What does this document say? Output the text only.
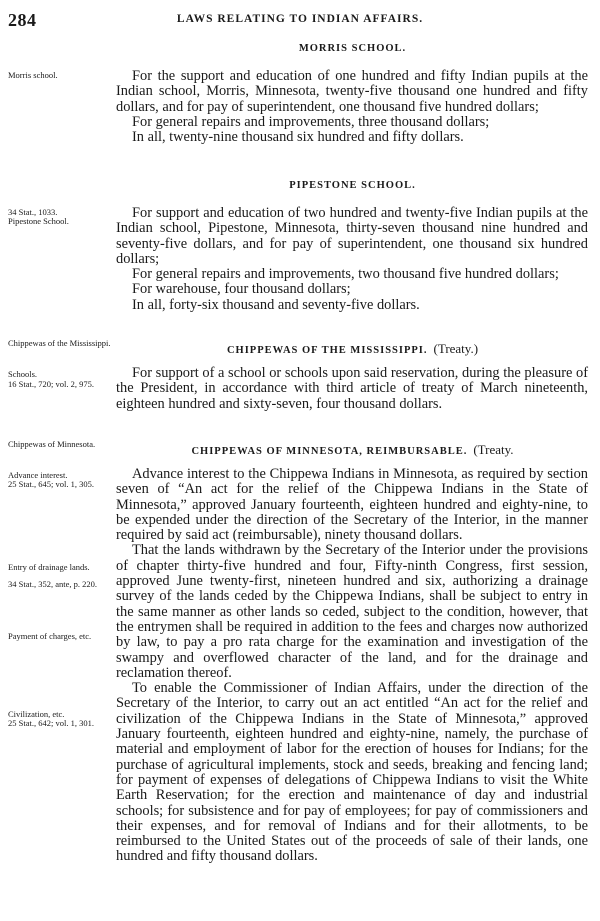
284	LAWS RELATING TO INDIAN AFFAIRS.
MORRIS SCHOOL.
Morris school.	For the support and education of one hundred and fifty Indian pupils at the Indian school, Morris, Minnesota, twenty-five thousand one hundred and fifty dollars, and for pay of superintendent, one thousand five hundred dollars;

For general repairs and improvements, three thousand dollars;

In all, twenty-nine thousand six hundred and fifty dollars.

PIPESTONE SCHOOL.
34 Stat., 1033.
Pipestone School.	For support and education of two hundred and twenty-five Indian pupils at the Indian school, Pipestone, Minnesota, thirty-seven thousand nine hundred and seventy-five dollars, and for pay of superintendent, one thousand six hundred dollars;

For general repairs and improvements, two thousand five hundred dollars;

For warehouse, four thousand dollars;

In all, forty-six thousand and seventy-five dollars.

CHIPPEWAS OF THE MISSISSIPPI. (Treaty.)
Chippewas of the Mississippi.
Schools.
16 Stat., 720; vol. 2, 975.

For support of a school or schools upon said reservation, during the pleasure of the President, in accordance with third article of treaty of March nineteenth, eighteen hundred and sixty-seven, four thousand dollars.

CHIPPEWAS OF MINNESOTA, REIMBURSABLE. (Treaty.
Chippewas of Minnesota.
Advance interest.
25 Stat., 645; vol. 1, 305.
Entry of drainage lands.
34 Stat., 352, ante, p. 220.
Payment of charges, etc.
Civilization, etc.
25 Stat., 642; vol. 1, 301.

Advance interest to the Chippewa Indians in Minnesota, as required by section seven of “An act for the relief of the Chippewa Indians in the State of Minnesota,” approved January fourteenth, eighteen hundred and eighty-nine, to be expended under the direction of the Secretary of the Interior, in the manner required by said act (reimbursable), ninety thousand dollars.

That the lands withdrawn by the Secretary of the Interior under the provisions of chapter thirty-five hundred and four, Fifty-ninth Congress, first session, approved June twenty-first, nineteen hundred and six, authorizing a drainage survey of the lands ceded by the Chippewa Indians, shall be subject to entry in the same manner as other lands so ceded, subject to the condition, however, that the entrymen shall be required in addition to the fees and charges now authorized by law, to pay a pro rata charge for the examination and investigation of the swampy and overflowed character of the land, and for the drainage and reclamation thereof.

To enable the Commissioner of Indian Affairs, under the direction of the Secretary of the Interior, to carry out an act entitled “An act for the relief and civilization of the Chippewa Indians in the State of Minnesota,” approved January fourteenth, eighteen hundred and eighty-nine, namely, the purchase of material and employment of labor for the erection of houses for Indians; for the purchase of agricultural implements, stock and seeds, breaking and fencing land; for payment of expenses of delegations of Chippewa Indians to visit the White Earth Reservation; for the erection and maintenance of day and industrial schools; for subsistence and for pay of employees; for pay of commissioners and their expenses, and for removal of Indians and for their allotments, to be reimbursed to the United States out of the proceeds of sale of their lands, one hundred and fifty thousand dollars.
